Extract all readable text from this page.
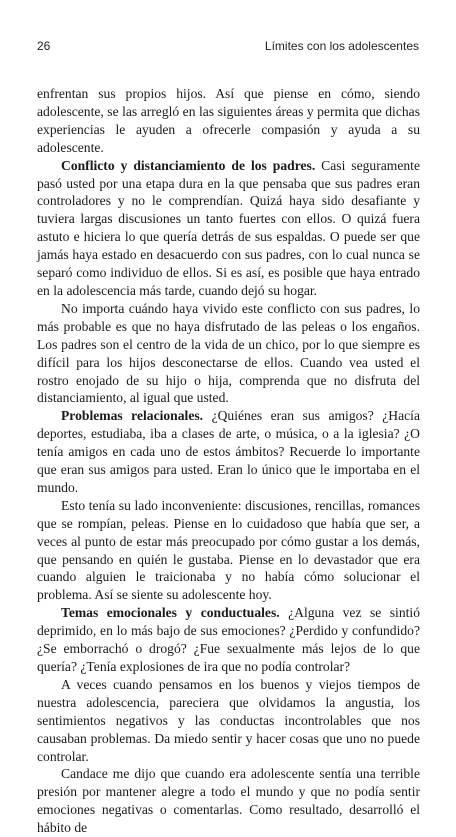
26	Límites con los adolescentes

enfrentan sus propios hijos. Así que piense en cómo, siendo adolescente, se las arregló en las siguientes áreas y permita que dichas experiencias le ayuden a ofrecerle compasión y ayuda a su adolescente.

Conflicto y distanciamiento de los padres. Casi seguramente pasó usted por una etapa dura en la que pensaba que sus padres eran controladores y no le comprendían. Quizá haya sido desafiante y tuviera largas discusiones un tanto fuertes con ellos. O quizá fuera astuto e hiciera lo que quería detrás de sus espaldas. O puede ser que jamás haya estado en desacuerdo con sus padres, con lo cual nunca se separó como individuo de ellos. Si es así, es posible que haya entrado en la adolescencia más tarde, cuando dejó su hogar.

No importa cuándo haya vivido este conflicto con sus padres, lo más probable es que no haya disfrutado de las peleas o los engaños. Los padres son el centro de la vida de un chico, por lo que siempre es difícil para los hijos desconectarse de ellos. Cuando vea usted el rostro enojado de su hijo o hija, comprenda que no disfruta del distanciamiento, al igual que usted.

Problemas relacionales. ¿Quiénes eran sus amigos? ¿Hacía deportes, estudiaba, iba a clases de arte, o música, o a la iglesia? ¿O tenía amigos en cada uno de estos ámbitos? Recuerde lo importante que eran sus amigos para usted. Eran lo único que le importaba en el mundo.

Esto tenía su lado inconveniente: discusiones, rencillas, romances que se rompían, peleas. Piense en lo cuidadoso que había que ser, a veces al punto de estar más preocupado por cómo gustar a los demás, que pensando en quién le gustaba. Piense en lo devastador que era cuando alguien le traicionaba y no había cómo solucionar el problema. Así se siente su adolescente hoy.

Temas emocionales y conductuales. ¿Alguna vez se sintió deprimido, en lo más bajo de sus emociones? ¿Perdido y confundido? ¿Se emborrachó o drogó? ¿Fue sexualmente más lejos de lo que quería? ¿Tenía explosiones de ira que no podía controlar?

A veces cuando pensamos en los buenos y viejos tiempos de nuestra adolescencia, pareciera que olvidamos la angustia, los sentimientos negativos y las conductas incontrolables que nos causaban problemas. Da miedo sentir y hacer cosas que uno no puede controlar.

Candace me dijo que cuando era adolescente sentía una terrible presión por mantener alegre a todo el mundo y que no podía sentir emociones negativas o comentarlas. Como resultado, desarrolló el hábito de
